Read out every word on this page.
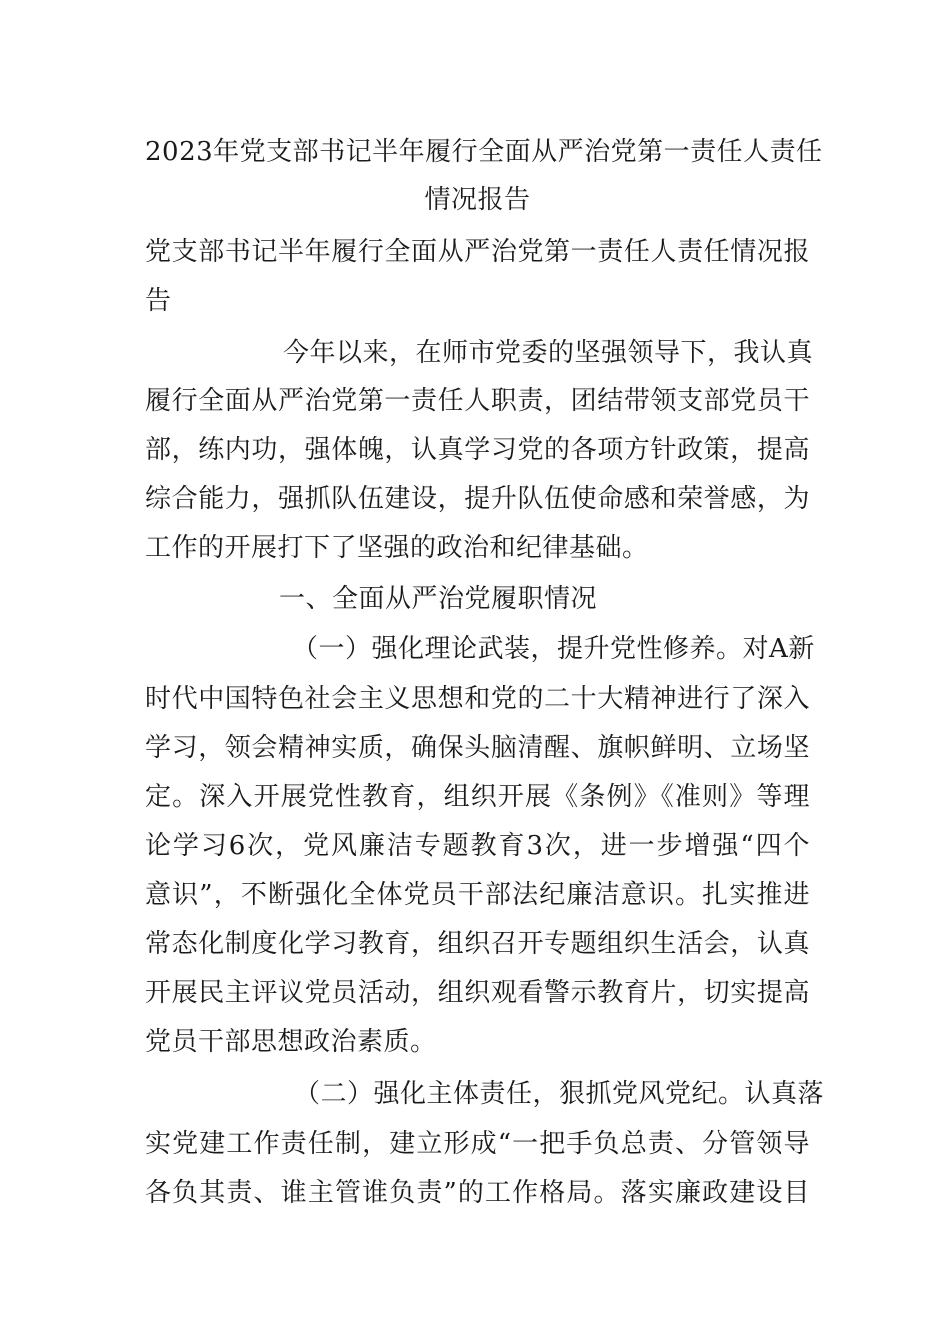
2023年党支部书记半年履行全面从严治党第一责任人责任
情况报告
党支部书记半年履行全面从严治党第一责任人责任情况报
告
今年以来，在师市党委的坚强领导下，我认真
履行全面从严治党第一责任人职责，团结带领支部党员干
部，练内功，强体魄，认真学习党的各项方针政策，提高
综合能力，强抓队伍建设，提升队伍使命感和荣誉感，为
工作的开展打下了坚强的政治和纪律基础。
一、全面从严治党履职情况
（一）强化理论武装，提升党性修养。对A新
时代中国特色社会主义思想和党的二十大精神进行了深入
学习，领会精神实质，确保头脑清醒、旗帜鲜明、立场坚
定。深入开展党性教育，组织开展《条例》《准则》等理
论学习6次，党风廉洁专题教育3次，进一步增强“四个
意识”，不断强化全体党员干部法纪廉洁意识。扎实推进
常态化制度化学习教育，组织召开专题组织生活会，认真
开展民主评议党员活动，组织观看警示教育片，切实提高
党员干部思想政治素质。
（二）强化主体责任，狠抓党风党纪。认真落
实党建工作责任制，建立形成“一把手负总责、分管领导
各负其责、谁主管谁负责”的工作格局。落实廉政建设目
